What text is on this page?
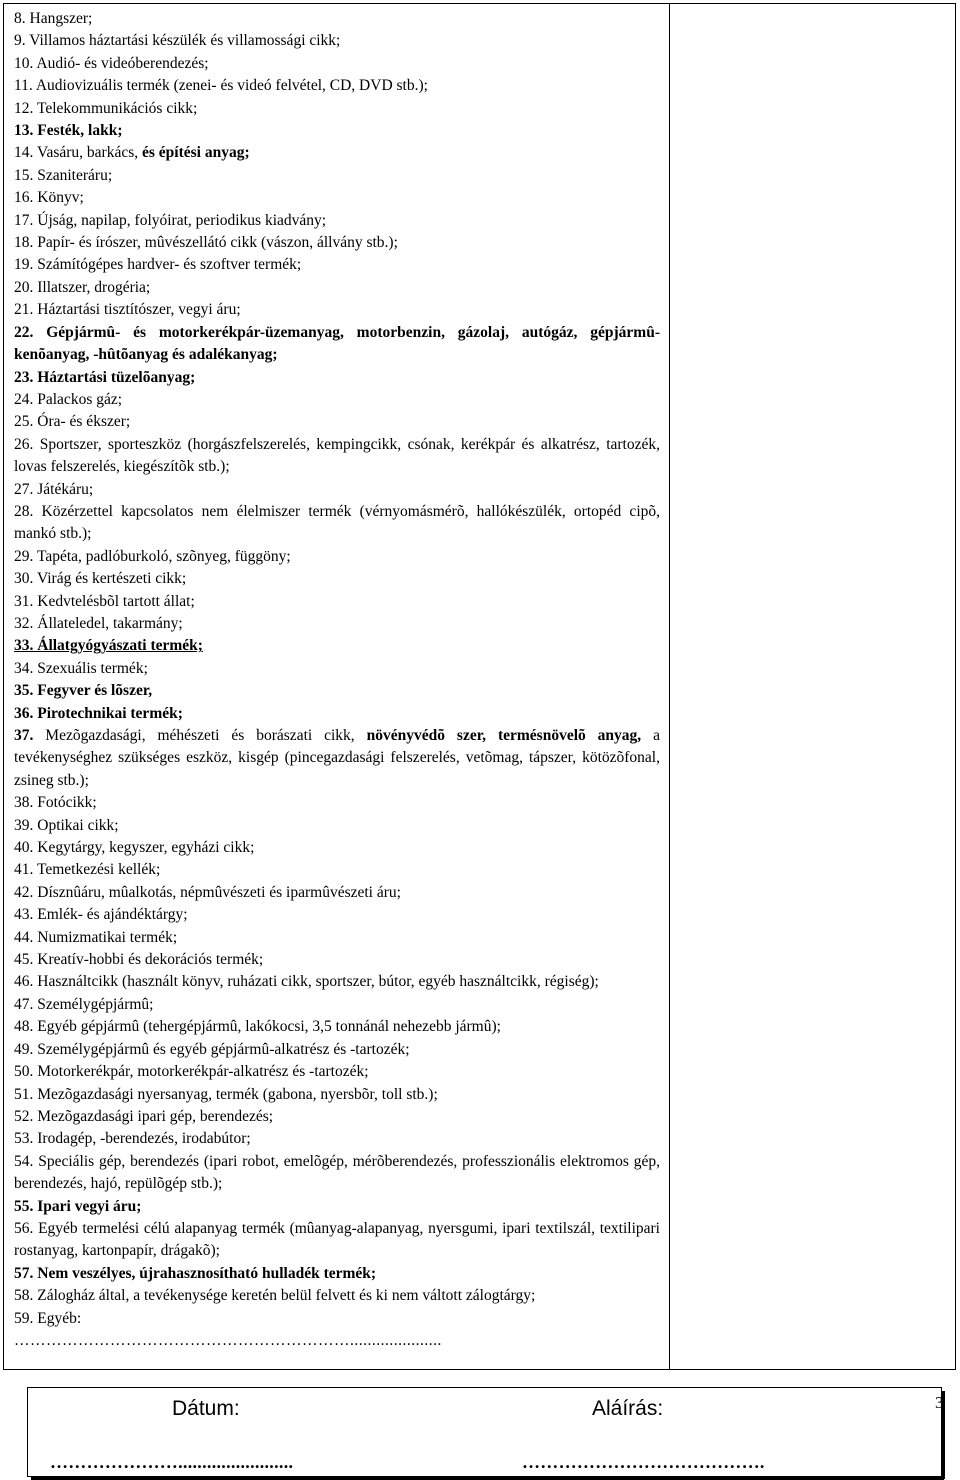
8. Hangszer;
9. Villamos háztartási készülék és villamossági cikk;
10. Audió- és videóberendezés;
11. Audiovizuális termék (zenei- és videó felvétel, CD, DVD stb.);
12. Telekommunikációs cikk;
13. Festék, lakk;
14. Vasáru, barkács, és építési anyag;
15. Szaniteráru;
16. Könyv;
17. Újság, napilap, folyóirat, periodikus kiadvány;
18. Papír- és írószer, mûvészellátó cikk (vászon, állvány stb.);
19. Számítógépes hardver- és szoftver termék;
20. Illatszer, drogéria;
21. Háztartási tisztítószer, vegyi áru;
22. Gépjármû- és motorkerékpár-üzemanyag, motorbenzin, gázolaj, autógáz, gépjármû-kenõanyag, -hûtõanyag és adalékanyag;
23. Háztartási tüzelõanyag;
24. Palackos gáz;
25. Óra- és ékszer;
26. Sportszer, sporteszköz (horgászfelszerelés, kempingcikk, csónak, kerékpár és alkatrész, tartozék, lovas felszerelés, kiegészítõk stb.);
27. Játékáru;
28. Közérzettel kapcsolatos nem élelmiszer termék (vérnyomásmérõ, hallókészülék, ortopéd cipõ, mankó stb.);
29. Tapéta, padlóburkoló, szõnyeg, függöny;
30. Virág és kertészeti cikk;
31. Kedvtelésbõl tartott állat;
32. Állateledel, takarmány;
33. Állatgyógyászati termék;
34. Szexuális termék;
35. Fegyver és lõszer,
36. Pirotechnikai termék;
37. Mezõgazdasági, méhészeti és borászati cikk, növényvédõ szer, termésnövelõ anyag, a tevékenységhez szükséges eszköz, kisgép (pincegazdasági felszerelés, vetõmag, tápszer, kötözõfonal, zsineg stb.);
38. Fotócikk;
39. Optikai cikk;
40. Kegytárgy, kegyszer, egyházi cikk;
41. Temetkezési kellék;
42. Dísznûáru, mûalkotás, népmûvészeti és iparmûvészeti áru;
43. Emlék- és ajándéktárgy;
44. Numizmatikai termék;
45. Kreatív-hobbi és dekorációs termék;
46. Használtcikk (használt könyv, ruházati cikk, sportszer, bútor, egyéb használtcikk, régiség);
47. Személygépjármû;
48. Egyéb gépjármû (tehergépjármû, lakókocsi, 3,5 tonnánál nehezebb jármû);
49. Személygépjármû és egyéb gépjármû-alkatrész és -tartozék;
50. Motorkerékpár, motorkerékpár-alkatrész és -tartozék;
51. Mezõgazdasági nyersanyag, termék (gabona, nyersbõr, toll stb.);
52. Mezõgazdasági ipari gép, berendezés;
53. Irodagép, -berendezés, irodabútor;
54. Speciális gép, berendezés (ipari robot, emelõgép, mérõberendezés, professzionális elektromos gép, berendezés, hajó, repülõgép stb.);
55. Ipari vegyi áru;
56. Egyéb termelési célú alapanyag termék (mûanyag-alapanyag, nyersgumi, ipari textilszál, textilipari rostanyag, kartonpapír, drágakõ);
57. Nem veszélyes, újrahasznosítható hulladék termék;
58. Zálogház által, a tevékenysége keretén belül felvett és ki nem váltott zálogtárgy;
59. Egyéb:
……………………………………………………….....................
Dátum:	Aláírás:
…………………........................	………………………………….
3
